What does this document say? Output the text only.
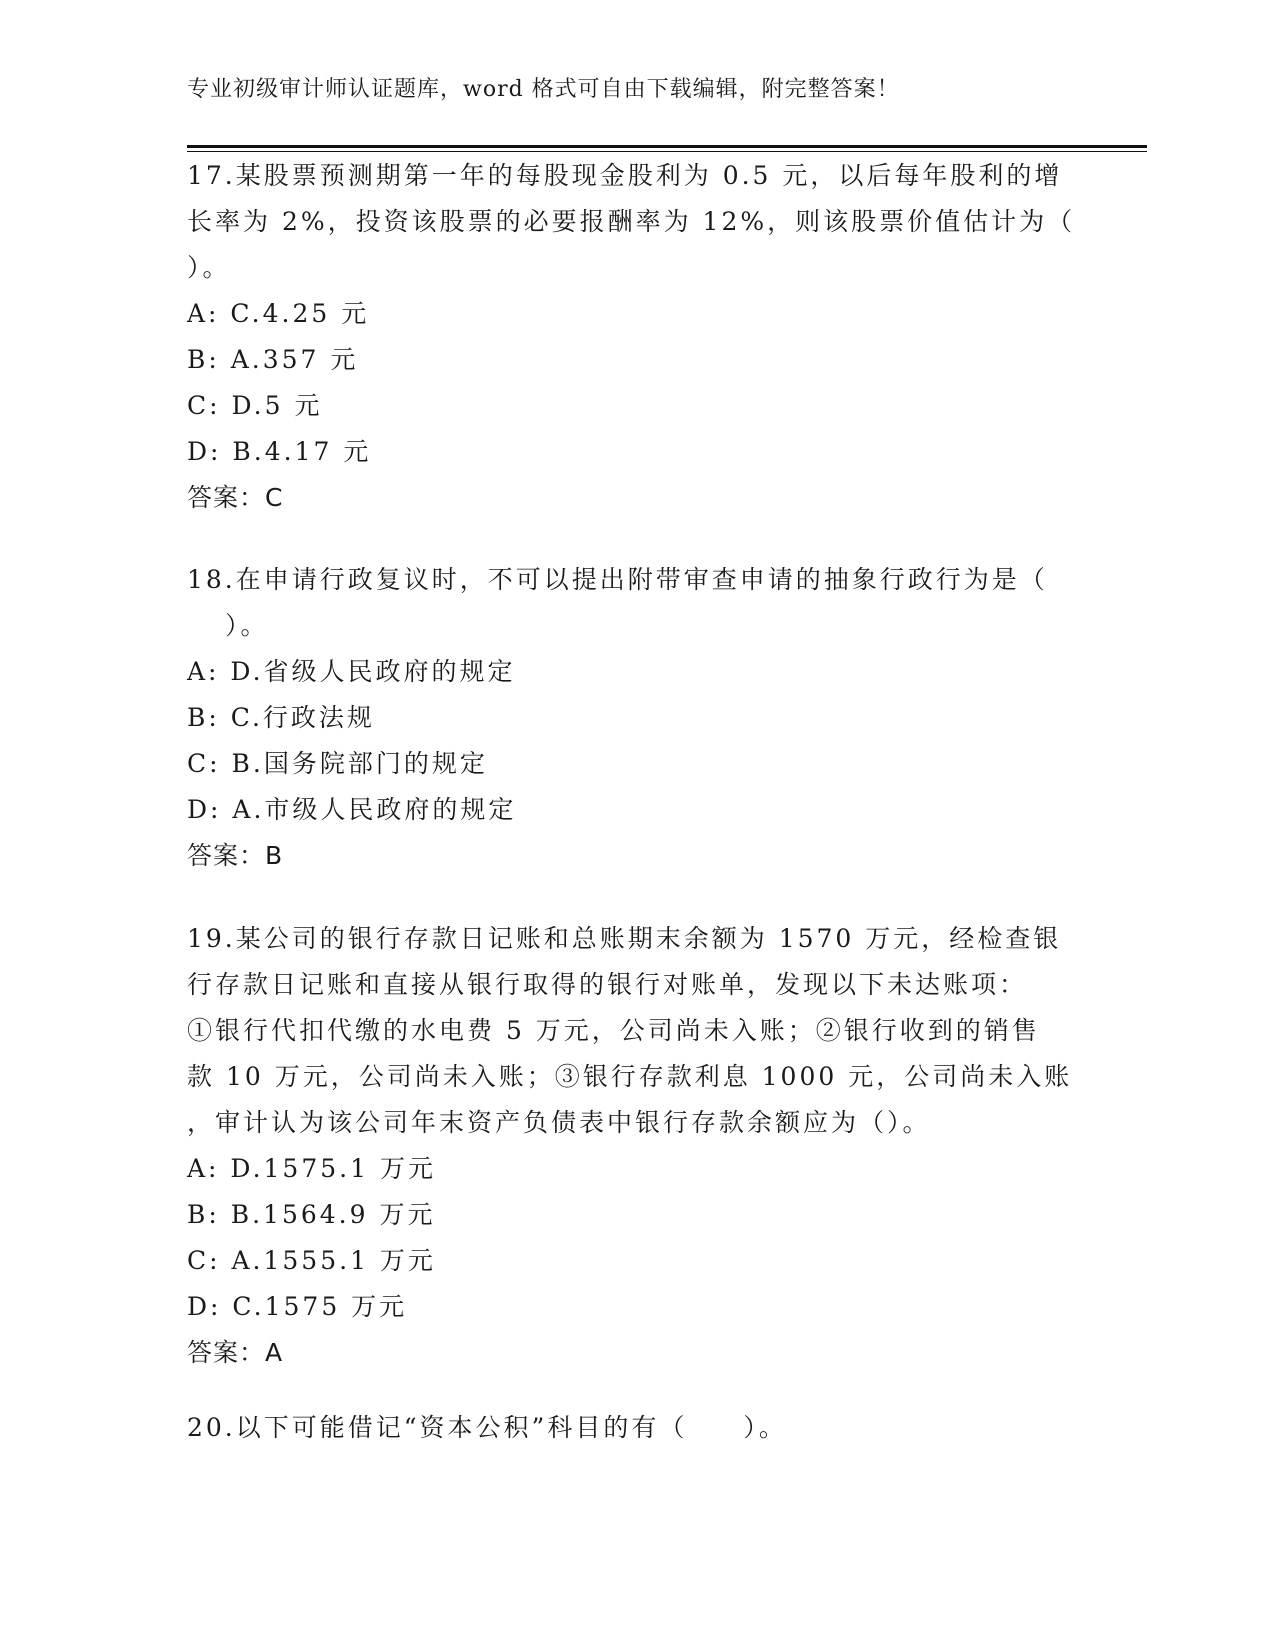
专业初级审计师认证题库，word 格式可自由下载编辑，附完整答案！
17.某股票预测期第一年的每股现金股利为 0.5 元，以后每年股利的增
长率为 2%，投资该股票的必要报酬率为 12%，则该股票价值估计为（
）。
A: C.4.25 元
B: A.357 元
C: D.5 元
D: B.4.17 元
答案：C
18.在申请行政复议时，不可以提出附带审查申请的抽象行政行为是（
）。
A: D.省级人民政府的规定
B: C.行政法规
C: B.国务院部门的规定
D: A.市级人民政府的规定
答案：B
19.某公司的银行存款日记账和总账期末余额为 1570 万元，经检查银
行存款日记账和直接从银行取得的银行对账单，发现以下未达账项：
①银行代扣代缴的水电费 5 万元，公司尚未入账；②银行收到的销售
款 10 万元，公司尚未入账；③银行存款利息 1000 元，公司尚未入账
，审计认为该公司年末资产负债表中银行存款余额应为（）。
A: D.1575.1 万元
B: B.1564.9 万元
C: A.1555.1 万元
D: C.1575 万元
答案：A
20.以下可能借记“资本公积”科目的有（　　）。
